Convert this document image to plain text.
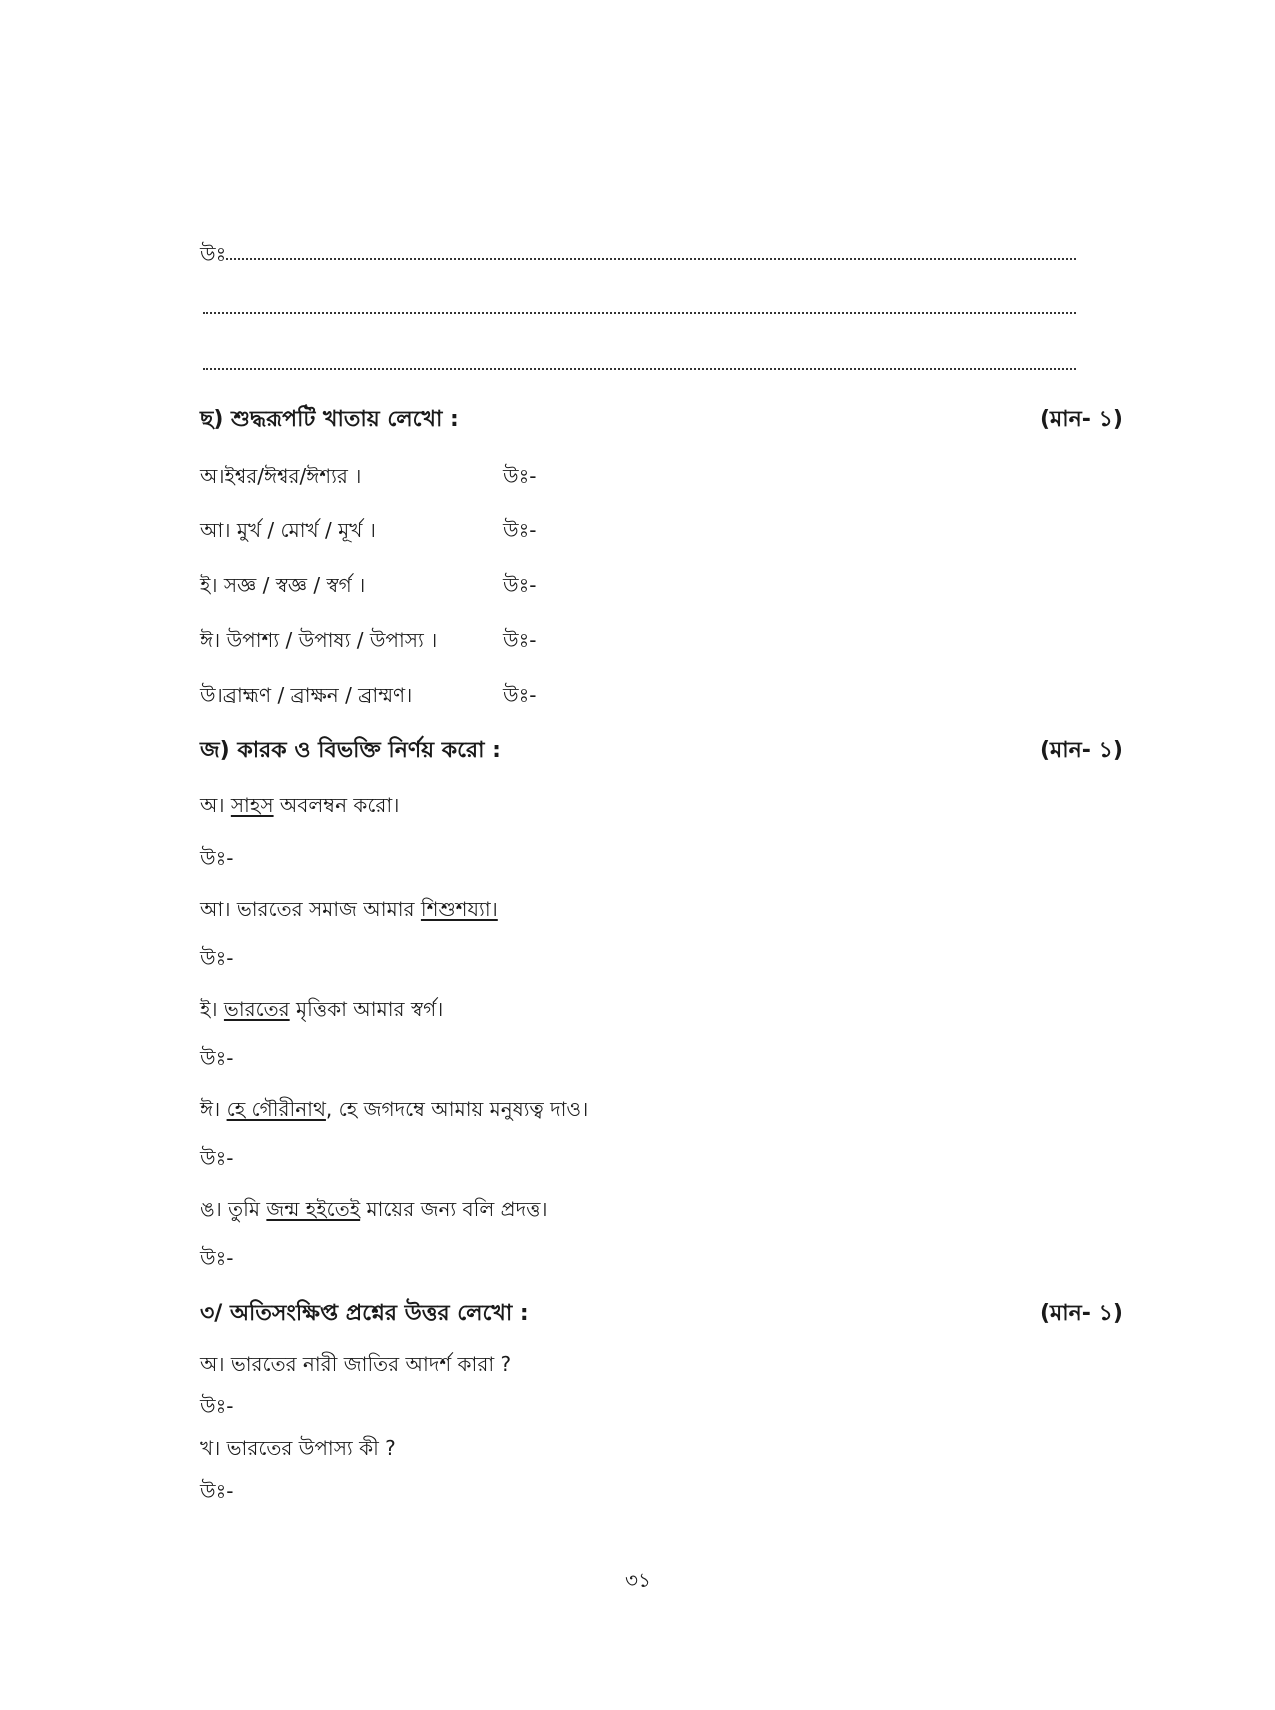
উঃ
ছ) শুদ্ধরূপটি খাতায় লেখো :	(মান- ১)
অ।ইশ্বর/ঈশ্বর/ঈশ্যর ।	উঃ-
আ। মুর্খ / মোর্খ / মূর্খ ।	উঃ-
ই। সজ্ঞ / স্বজ্ঞ / স্বর্গ ।	উঃ-
ঈ। উপাশ্য / উপাষ্য / উপাস্য ।	উঃ-
উ।ব্রাহ্মণ / ব্রাক্ষন / ব্রাম্মণ।	উঃ-
জ) কারক ও বিভক্তি নির্ণয় করো :	(মান- ১)
অ। সাহস অবলম্বন করো।
উঃ-
আ। ভারতের সমাজ আমার শিশুশয্যা।
উঃ-
ই। ভারতের মৃত্তিকা আমার স্বর্গ।
উঃ-
ঈ। হে গৌরীনাথ, হে জগদম্বে আমায় মনুষ্যত্ব দাও।
উঃ-
ঙ। তুমি জন্ম হইতেই মায়ের জন্য বলি প্রদত্ত।
উঃ-
৩/ অতিসংক্ষিপ্ত প্রশ্নের উত্তর লেখো :	(মান- ১)
অ। ভারতের নারী জাতির আদর্শ কারা ?
উঃ-
খ। ভারতের উপাস্য কী ?
উঃ-
৩১
